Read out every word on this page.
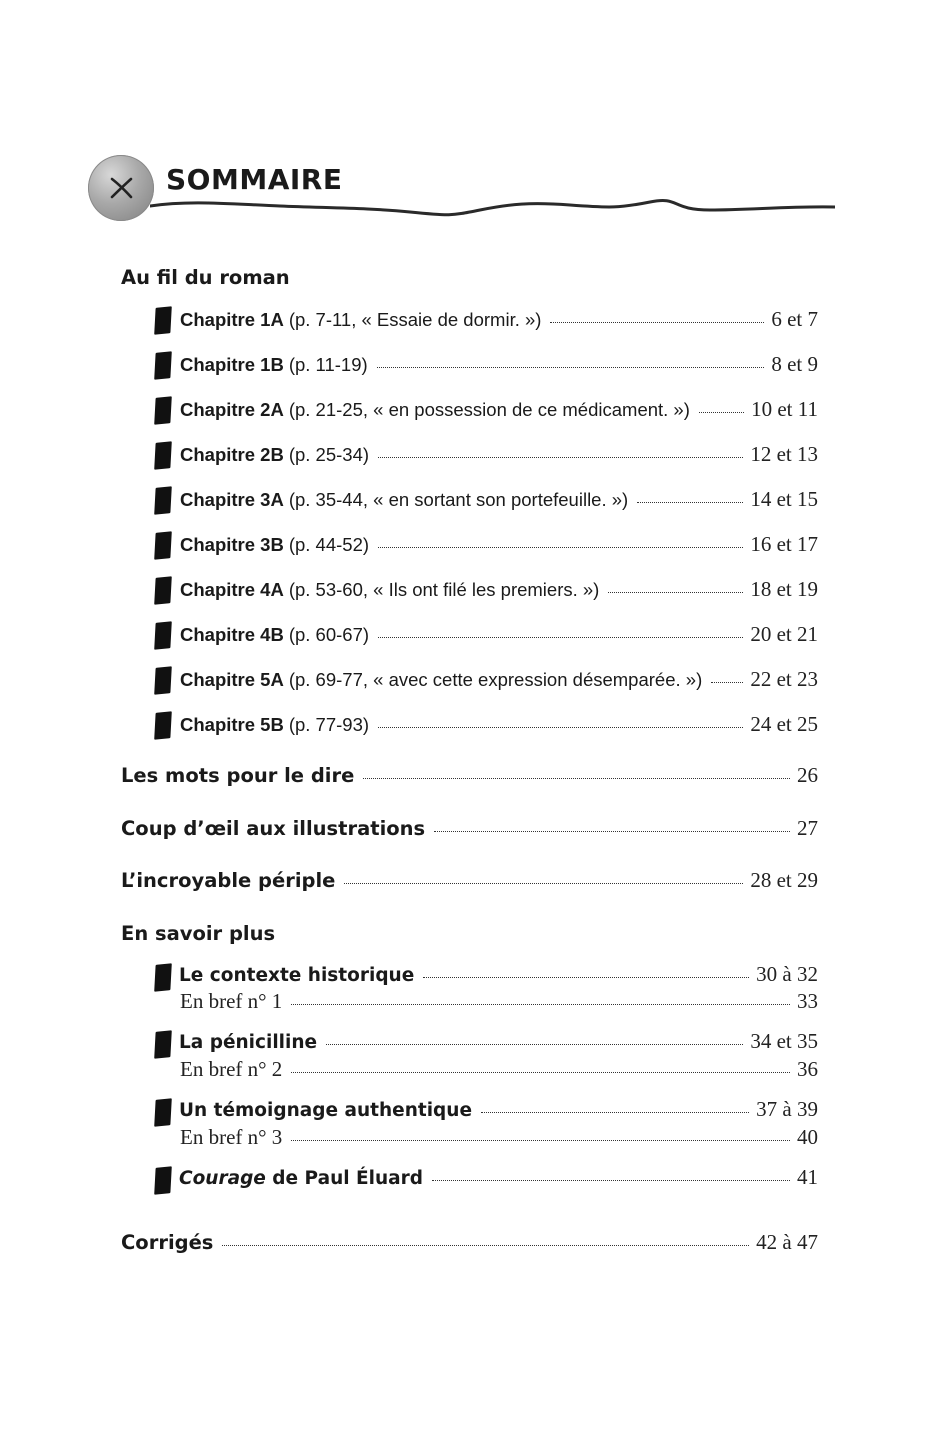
SOMMAIRE
Au fil du roman
Chapitre 1A (p. 7-11, « Essaie de dormir. »)	6 et 7
Chapitre 1B (p. 11-19)	8 et 9
Chapitre 2A (p. 21-25, « en possession de ce médicament. »)	10 et 11
Chapitre 2B (p. 25-34)	12 et 13
Chapitre 3A (p. 35-44, « en sortant son portefeuille. »)	14 et 15
Chapitre 3B (p. 44-52)	16 et 17
Chapitre 4A (p. 53-60, « Ils ont filé les premiers. »)	18 et 19
Chapitre 4B (p. 60-67)	20 et 21
Chapitre 5A (p. 69-77, « avec cette expression désemparée. ») 22 et 23
Chapitre 5B (p. 77-93)	24 et 25
Les mots pour le dire	26
Coup d’œil aux illustrations	27
L’incroyable périple	28 et 29
En savoir plus
Le contexte historique	30 à 32
En bref n° 1	33
La pénicilline	34 et 35
En bref n° 2	36
Un témoignage authentique	37 à 39
En bref n° 3	40
Courage de Paul Éluard	41
Corrigés	42 à 47
